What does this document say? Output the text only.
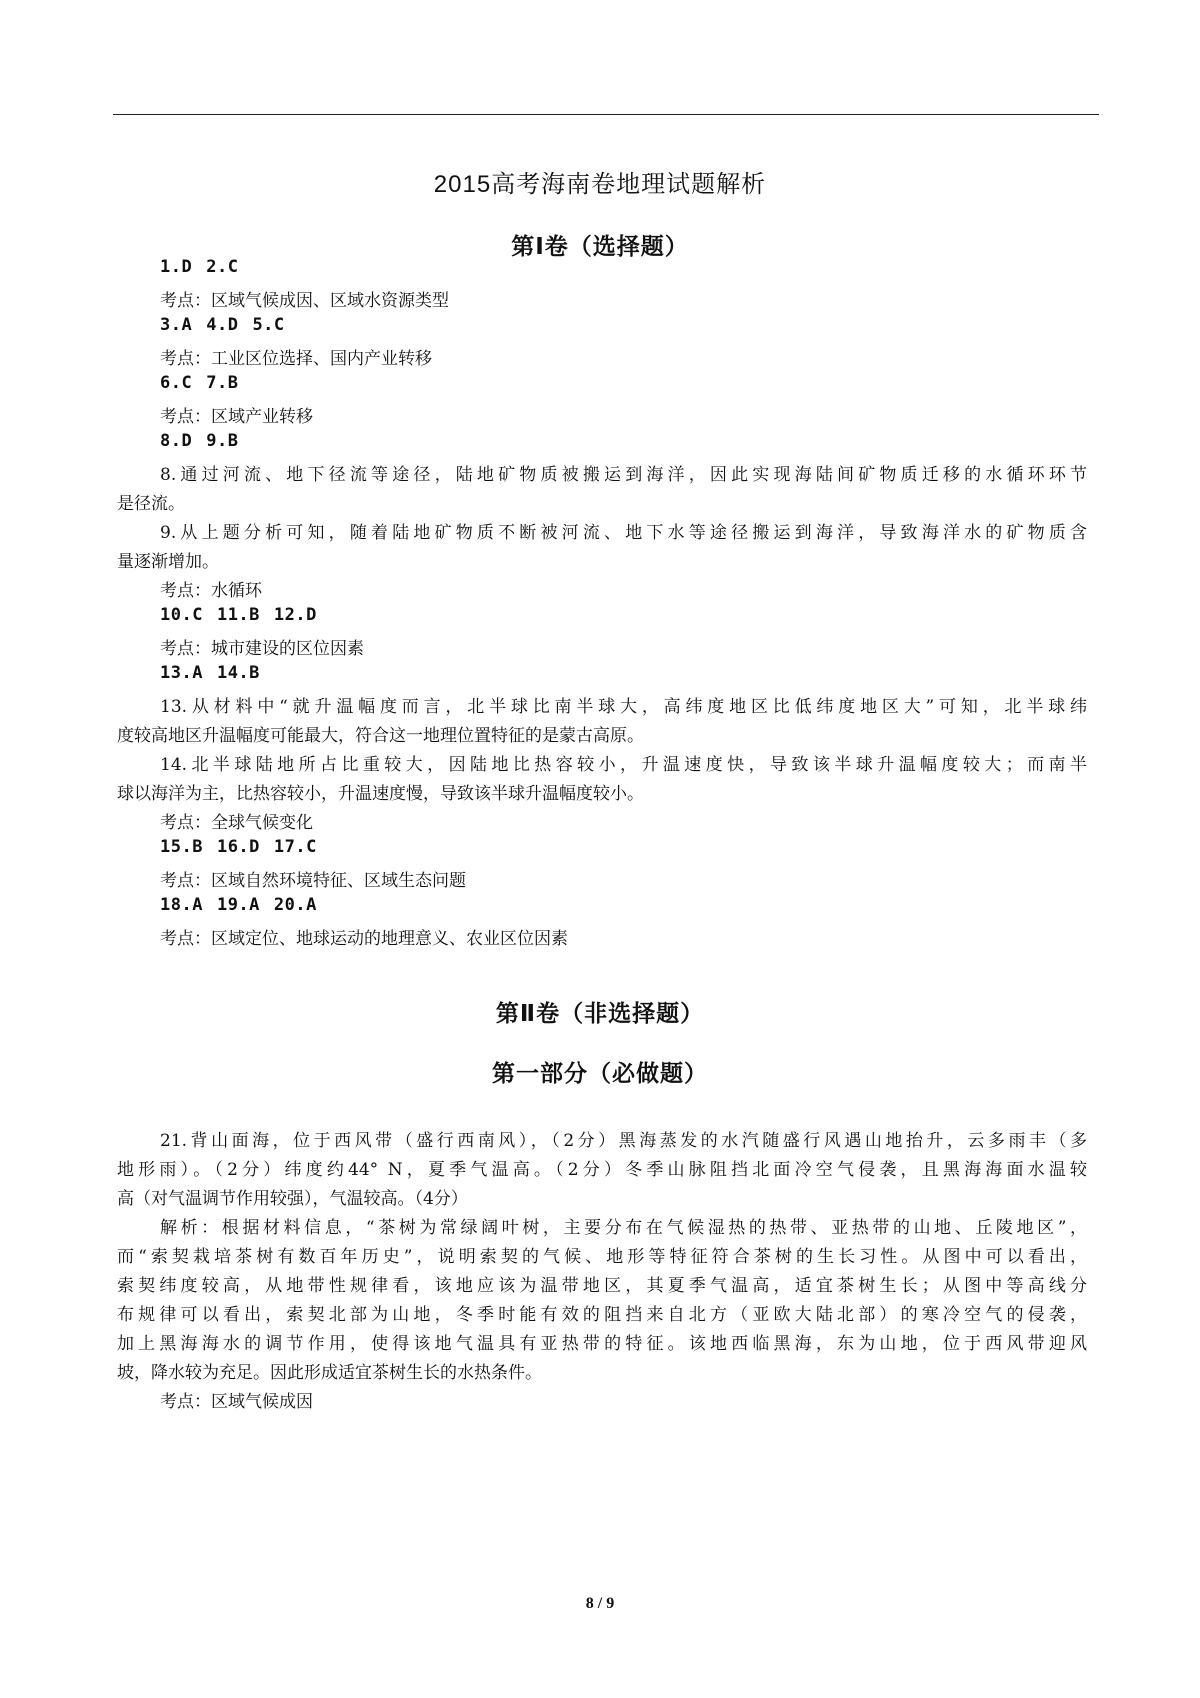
2015高考海南卷地理试题解析
第Ⅰ卷（选择题）
1.D 2.C
考点：区域气候成因、区域水资源类型
3.A 4.D 5.C
考点：工业区位选择、国内产业转移
6.C 7.B
考点：区域产业转移
8.D 9.B
8.通过河流、地下径流等途径，陆地矿物质被搬运到海洋，因此实现海陆间矿物质迁移的水循环环节
是径流。
9.从上题分析可知，随着陆地矿物质不断被河流、地下水等途径搬运到海洋，导致海洋水的矿物质含
量逐渐增加。
考点：水循环
10.C 11.B 12.D
考点：城市建设的区位因素
13.A 14.B
13.从材料中“就升温幅度而言，北半球比南半球大，高纬度地区比低纬度地区大”可知，北半球纬
度较高地区升温幅度可能最大，符合这一地理位置特征的是蒙古高原。
14.北半球陆地所占比重较大，因陆地比热容较小，升温速度快，导致该半球升温幅度较大；而南半
球以海洋为主，比热容较小，升温速度慢，导致该半球升温幅度较小。
考点：全球气候变化
15.B 16.D 17.C
考点：区域自然环境特征、区域生态问题
18.A 19.A 20.A
考点：区域定位、地球运动的地理意义、农业区位因素
第Ⅱ卷（非选择题）
第一部分（必做题）
21.背山面海，位于西风带（盛行西南风），（2分）黑海蒸发的水汽随盛行风遇山地抬升，云多雨丰（多
地形雨）。（2分）纬度约44° N，夏季气温高。（2分）冬季山脉阻挡北面冷空气侵袭，且黑海海面水温较
高（对气温调节作用较强），气温较高。（4分）
解析：根据材料信息，“茶树为常绿阔叶树，主要分布在气候湿热的热带、亚热带的山地、丘陵地区”，
而“索契栽培茶树有数百年历史”，说明索契的气候、地形等特征符合茶树的生长习性。从图中可以看出，
索契纬度较高，从地带性规律看，该地应该为温带地区，其夏季气温高，适宜茶树生长；从图中等高线分
布规律可以看出，索契北部为山地，冬季时能有效的阻挡来自北方（亚欧大陆北部）的寒冷空气的侵袭，
加上黑海海水的调节作用，使得该地气温具有亚热带的特征。该地西临黑海，东为山地，位于西风带迎风
坡，降水较为充足。因此形成适宜茶树生长的水热条件。
考点：区域气候成因
8 / 9
